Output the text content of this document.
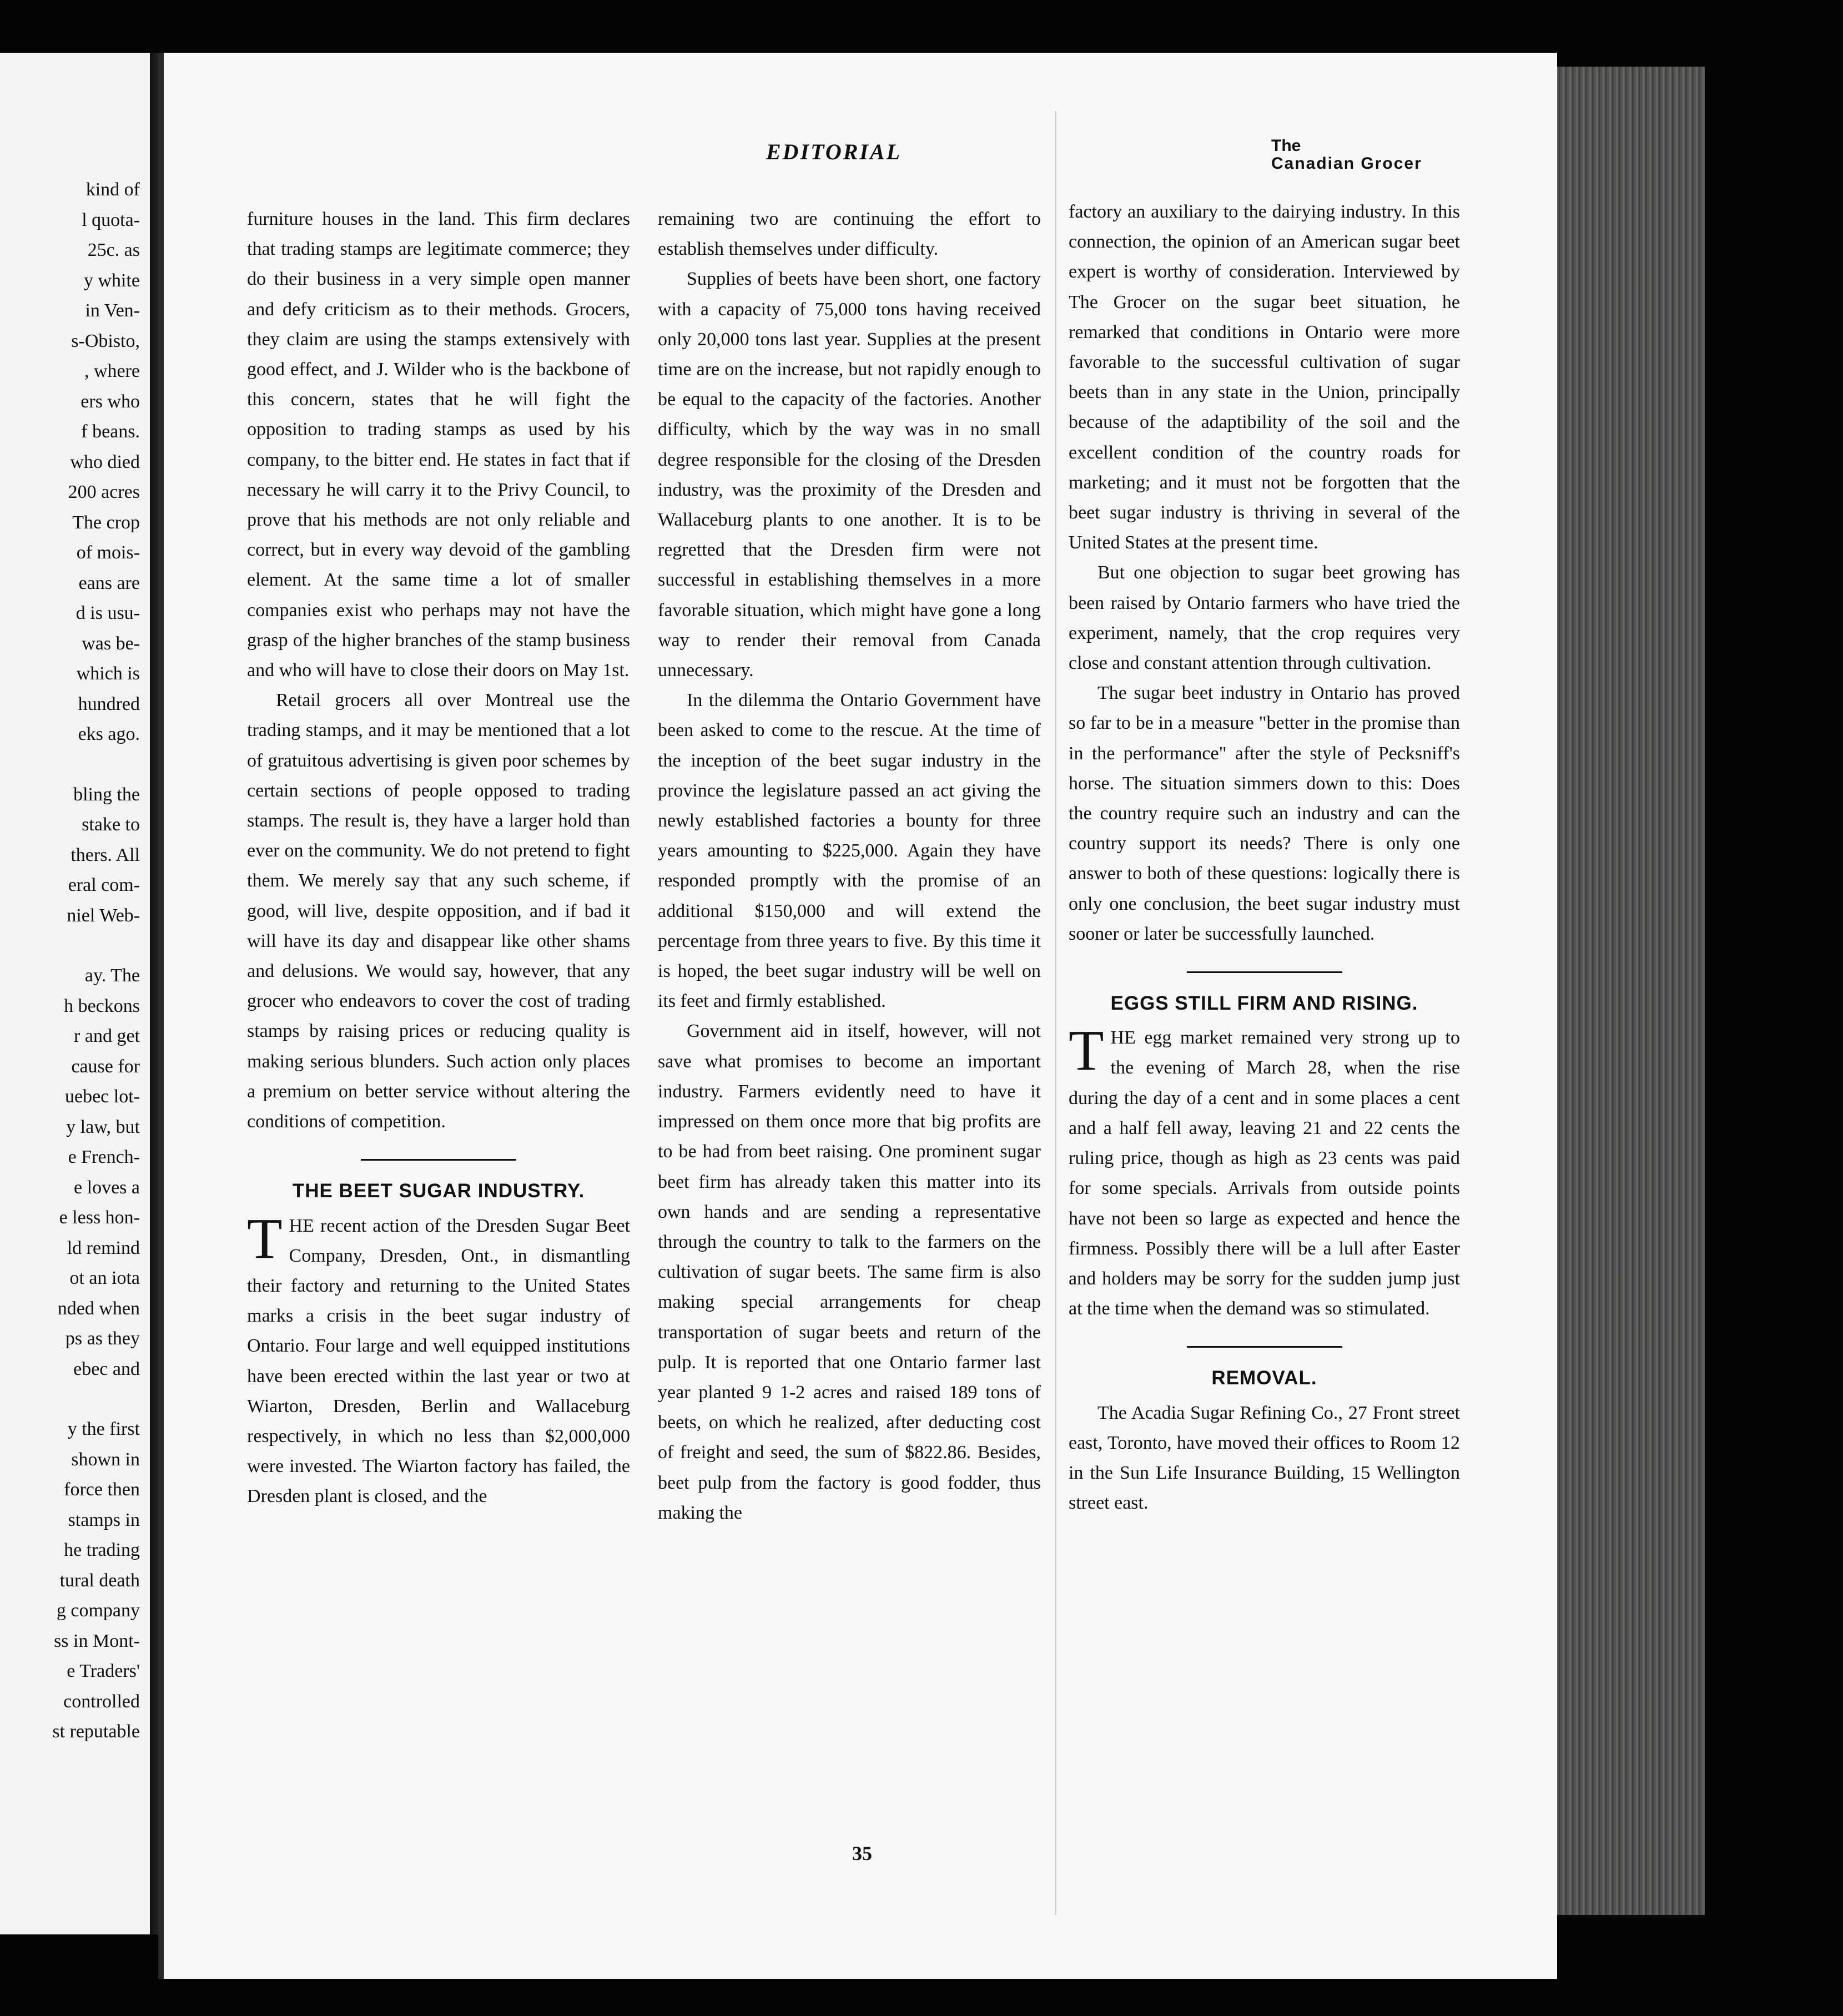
kind of
l quota-
25c. as
y white
in Ven-
s-Obisto,
, where
ers who
f beans.
who died
200 acres
The crop
of mois-
eans are
d is usu-
was be-
which is
hundred
eks ago.
bling the
stake to
thers. All
eral com-
niel Web-
ay. The
h beckons
r and get
cause for
uebec lot-
y law, but
e French-
e loves a
e less hon-
ld remind
ot an iota
nded when
ps as they
ebec and
y the first
shown in
force then
stamps in
he trading
tural death
g company
ss in Mont-
e Traders'
controlled
st reputable
EDITORIAL	The
Canadian Grocer

furniture houses in the land. This firm declares that trading stamps are legitimate commerce; they do their business in a very simple open manner and defy criticism as to their methods. Grocers, they claim are using the stamps extensively with good effect, and J. Wilder who is the backbone of this concern, states that he will fight the opposition to trading stamps as used by his company, to the bitter end. He states in fact that if necessary he will carry it to the Privy Council, to prove that his methods are not only reliable and correct, but in every way devoid of the gambling element. At the same time a lot of smaller companies exist who perhaps may not have the grasp of the higher branches of the stamp business and who will have to close their doors on May 1st.

Retail grocers all over Montreal use the trading stamps, and it may be mentioned that a lot of gratuitous advertising is given poor schemes by certain sections of people opposed to trading stamps. The result is, they have a larger hold than ever on the community. We do not pretend to fight them. We merely say that any such scheme, if good, will live, despite opposition, and if bad it will have its day and disappear like other shams and delusions. We would say, however, that any grocer who endeavors to cover the cost of trading stamps by raising prices or reducing quality is making serious blunders. Such action only places a premium on better service without altering the conditions of competition.

THE BEET SUGAR INDUSTRY.

THE recent action of the Dresden Sugar Beet Company, Dresden, Ont., in dismantling their factory and returning to the United States marks a crisis in the beet sugar industry of Ontario. Four large and well equipped institutions have been erected within the last year or two at Wiarton, Dresden, Berlin and Wallaceburg respectively, in which no less than $2,000,000 were invested. The Wiarton factory has failed, the Dresden plant is closed, and the

remaining two are continuing the effort to establish themselves under difficulty.

Supplies of beets have been short, one factory with a capacity of 75,000 tons having received only 20,000 tons last year. Supplies at the present time are on the increase, but not rapidly enough to be equal to the capacity of the factories. Another difficulty, which by the way was in no small degree responsible for the closing of the Dresden industry, was the proximity of the Dresden and Wallaceburg plants to one another. It is to be regretted that the Dresden firm were not successful in establishing themselves in a more favorable situation, which might have gone a long way to render their removal from Canada unnecessary.

In the dilemma the Ontario Government have been asked to come to the rescue. At the time of the inception of the beet sugar industry in the province the legislature passed an act giving the newly established factories a bounty for three years amounting to $225,000. Again they have responded promptly with the promise of an additional $150,000 and will extend the percentage from three years to five. By this time it is hoped, the beet sugar industry will be well on its feet and firmly established.

Government aid in itself, however, will not save what promises to become an important industry. Farmers evidently need to have it impressed on them once more that big profits are to be had from beet raising. One prominent sugar beet firm has already taken this matter into its own hands and are sending a representative through the country to talk to the farmers on the cultivation of sugar beets. The same firm is also making special arrangements for cheap transportation of sugar beets and return of the pulp. It is reported that one Ontario farmer last year planted 9 1-2 acres and raised 189 tons of beets, on which he realized, after deducting cost of freight and seed, the sum of $822.86. Besides, beet pulp from the factory is good fodder, thus making the

factory an auxiliary to the dairying industry. In this connection, the opinion of an American sugar beet expert is worthy of consideration. Interviewed by The Grocer on the sugar beet situation, he remarked that conditions in Ontario were more favorable to the successful cultivation of sugar beets than in any state in the Union, principally because of the adaptibility of the soil and the excellent condition of the country roads for marketing; and it must not be forgotten that the beet sugar industry is thriving in several of the United States at the present time.

But one objection to sugar beet growing has been raised by Ontario farmers who have tried the experiment, namely, that the crop requires very close and constant attention through cultivation.

The sugar beet industry in Ontario has proved so far to be in a measure "better in the promise than in the performance" after the style of Pecksniff's horse. The situation simmers down to this: Does the country require such an industry and can the country support its needs? There is only one answer to both of these questions: logically there is only one conclusion, the beet sugar industry must sooner or later be successfully launched.

EGGS STILL FIRM AND RISING.

THE egg market remained very strong up to the evening of March 28, when the rise during the day of a cent and in some places a cent and a half fell away, leaving 21 and 22 cents the ruling price, though as high as 23 cents was paid for some specials. Arrivals from outside points have not been so large as expected and hence the firmness. Possibly there will be a lull after Easter and holders may be sorry for the sudden jump just at the time when the demand was so stimulated.

REMOVAL.

The Acadia Sugar Refining Co., 27 Front street east, Toronto, have moved their offices to Room 12 in the Sun Life Insurance Building, 15 Wellington street east.

35
